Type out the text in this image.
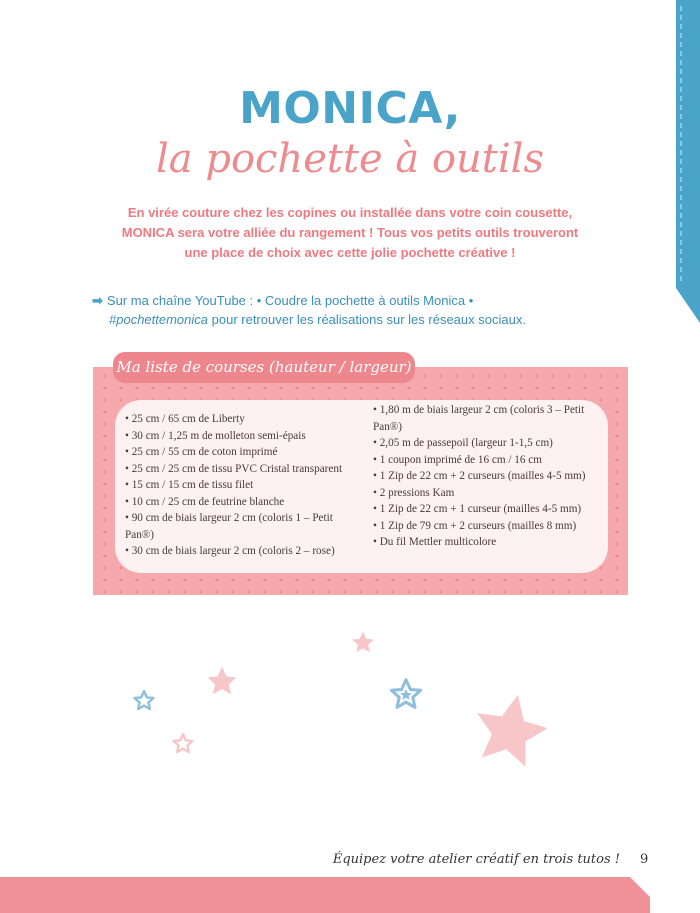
MONICA,
la pochette à outils
En virée couture chez les copines ou installée dans votre coin cousette, MONICA sera votre alliée du rangement ! Tous vos petits outils trouveront une place de choix avec cette jolie pochette créative !
➡ Sur ma chaîne YouTube : • Coudre la pochette à outils Monica •
#pochettemonica pour retrouver les réalisations sur les réseaux sociaux.
Ma liste de courses (hauteur / largeur)
• 25 cm / 65 cm de Liberty
• 30 cm / 1,25 m de molleton semi-épais
• 25 cm / 55 cm de coton imprimé
• 25 cm / 25 cm de tissu PVC Cristal transparent
• 15 cm / 15 cm de tissu filet
• 10 cm / 25 cm de feutrine blanche
• 90 cm de biais largeur 2 cm (coloris 1 – Petit Pan®)
• 30 cm de biais largeur 2 cm (coloris 2 – rose)
• 1,80 m de biais largeur 2 cm (coloris 3 – Petit Pan®)
• 2,05 m de passepoil (largeur 1-1,5 cm)
• 1 coupon imprimé de 16 cm / 16 cm
• 1 Zip de 22 cm + 2 curseurs (mailles 4-5 mm)
• 2 pressions Kam
• 1 Zip de 22 cm + 1 curseur (mailles 4-5 mm)
• 1 Zip de 79 cm + 2 curseurs (mailles 8 mm)
• Du fil Mettler multicolore
Équipez votre atelier créatif en trois tutos ! 9
